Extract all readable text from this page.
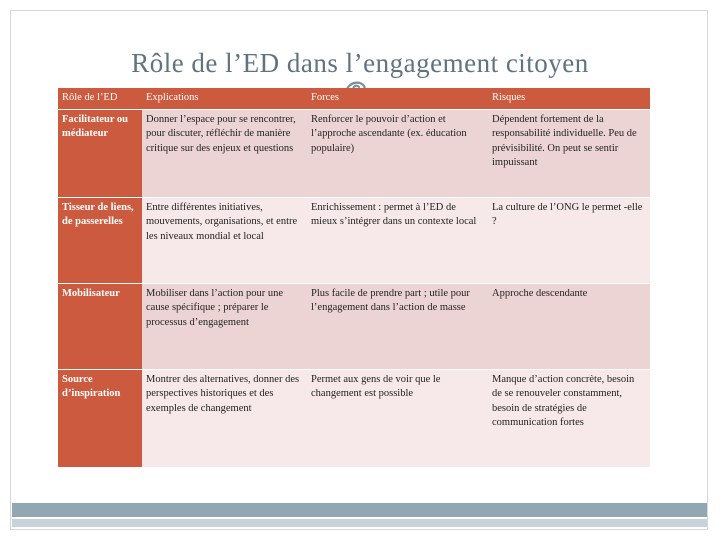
Rôle de l’ED dans l’engagement citoyen
Rôle de l’ED	Explications	Forces	Risques
Facilitateur ou médiateur	Donner l’espace pour se rencontrer, pour discuter, réfléchir de manière critique sur des enjeux et questions	Renforcer le pouvoir d’action et l’approche ascendante (ex. éducation populaire)	Dépendent fortement de la responsabilité individuelle. Peu de prévisibilité. On peut se sentir impuissant
Tisseur de liens, de passerelles	Entre différentes initiatives, mouvements, organisations, et entre les niveaux mondial et local	Enrichissement : permet à l’ED de mieux s’intégrer dans un contexte local	La culture de l’ONG le permet -elle ?
Mobilisateur	Mobiliser dans l’action pour une cause spécifique ; préparer le processus d’engagement	Plus facile de prendre part ; utile pour l’engagement dans l’action de masse	Approche descendante
Source d’inspiration	Montrer des alternatives, donner des perspectives historiques et des exemples de changement	Permet aux gens de voir que le changement est possible	Manque d’action concrète, besoin de se renouveler constamment, besoin de stratégies de communication fortes
